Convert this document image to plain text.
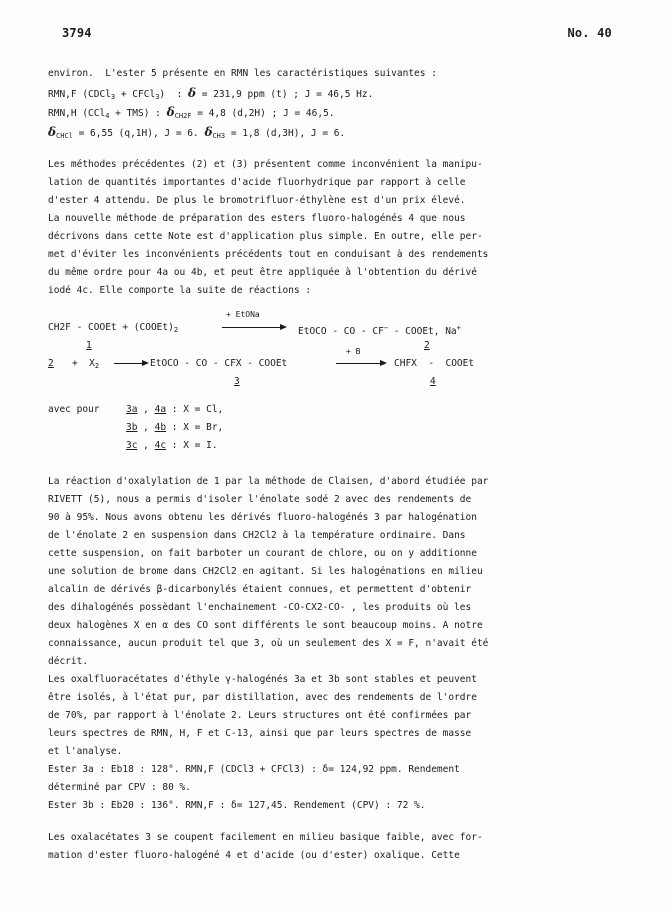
3794	No. 40
environ.  L'ester 5 présente en RMN les caractéristiques suivantes :
RMN,F (CDCl$_3$ + CFCl$_3$)  : δ = 231,9 ppm (t) ; J = 46,5 Hz.
RMN,H (CCl$_4$ + TMS) : $\delta_{CH2F} = 4,8$ (d,2H) ; J = 46,5.
$\delta_{CHCl} = 6,55$ (q,1H), J = 6. $\delta_{CH3} = 1,8$ (d,3H), J = 6.
Les méthodes précédentes (2) et (3) présentent comme inconvénient la manipu-
lation de quantités importantes d'acide fluorhydrique par rapport à celle
d'ester 4 attendu. De plus le bromotrifluor-éthylène est d'un prix élevé.
La nouvelle méthode de préparation des esters fluoro-halogénés 4 que nous
décrivons dans cette Note est d'application plus simple. En outre, elle per-
met d'éviter les inconvénients précédents tout en conduisant à des rendements
du même ordre pour 4a ou 4b, et peut être appliquée à l'obtention du dérivé
iodé 4c. Elle comporte la suite de réactions :
CH2F - COOEt + $(COOEt)_2$
+ EtONa
EtOCO - CO - CF− - COOEt, Na+
1	2
$2 + X_2$	EtOCO - CO - CFX - COOEt
+ B
CHFX  -  COOEt
3	4
avec pour	3a , 4a : X = Cl,
3b , 4b : X = Br,
3c , 4c : X = I.
La réaction d'oxalylation de 1 par la méthode de Claisen, d'abord étudiée par
RIVETT (5), nous a permis d'isoler l'énolate sodé 2 avec des rendements de
90 à 95%. Nous avons obtenu les dérivés fluoro-halogénés 3 par halogénation
de l'énolate 2 en suspension dans CH2Cl2 à la température ordinaire. Dans
cette suspension, on fait barboter un courant de chlore, ou on y additionne
une solution de brome dans CH2Cl2 en agitant. Si les halogénations en milieu
alcalin de dérivés β-dicarbonylés étaient connues, et permettent d'obtenir
des dihalogénés possèdant l'enchainement -CO-CX2-CO- , les produits où les
deux halogènes X en α des CO sont différents le sont beaucoup moins. A notre
connaissance, aucun produit tel que 3, où un seulement des X = F, n'avait été
décrit.
Les oxalfluoracétates d'éthyle γ-halogénés 3a et 3b sont stables et peuvent
être isolés, à l'état pur, par distillation, avec des rendements de l'ordre
de 70%, par rapport à l'énolate 2. Leurs structures ont été confirmées par
leurs spectres de RMN, H, F et C-13, ainsi que par leurs spectres de masse
et l'analyse.
Ester 3a : Eb18 : 128°. RMN,F (CDCl3 + CFCl3) : δ= 124,92 ppm. Rendement
déterminé par CPV : 80 %.
Ester 3b : Eb20 : 136°. RMN,F : δ= 127,45. Rendement (CPV) : 72 %.
Les oxalacétates 3 se coupent facilement en milieu basique faible, avec for-
mation d'ester fluoro-halogéné 4 et d'acide (ou d'ester) oxalique. Cette
